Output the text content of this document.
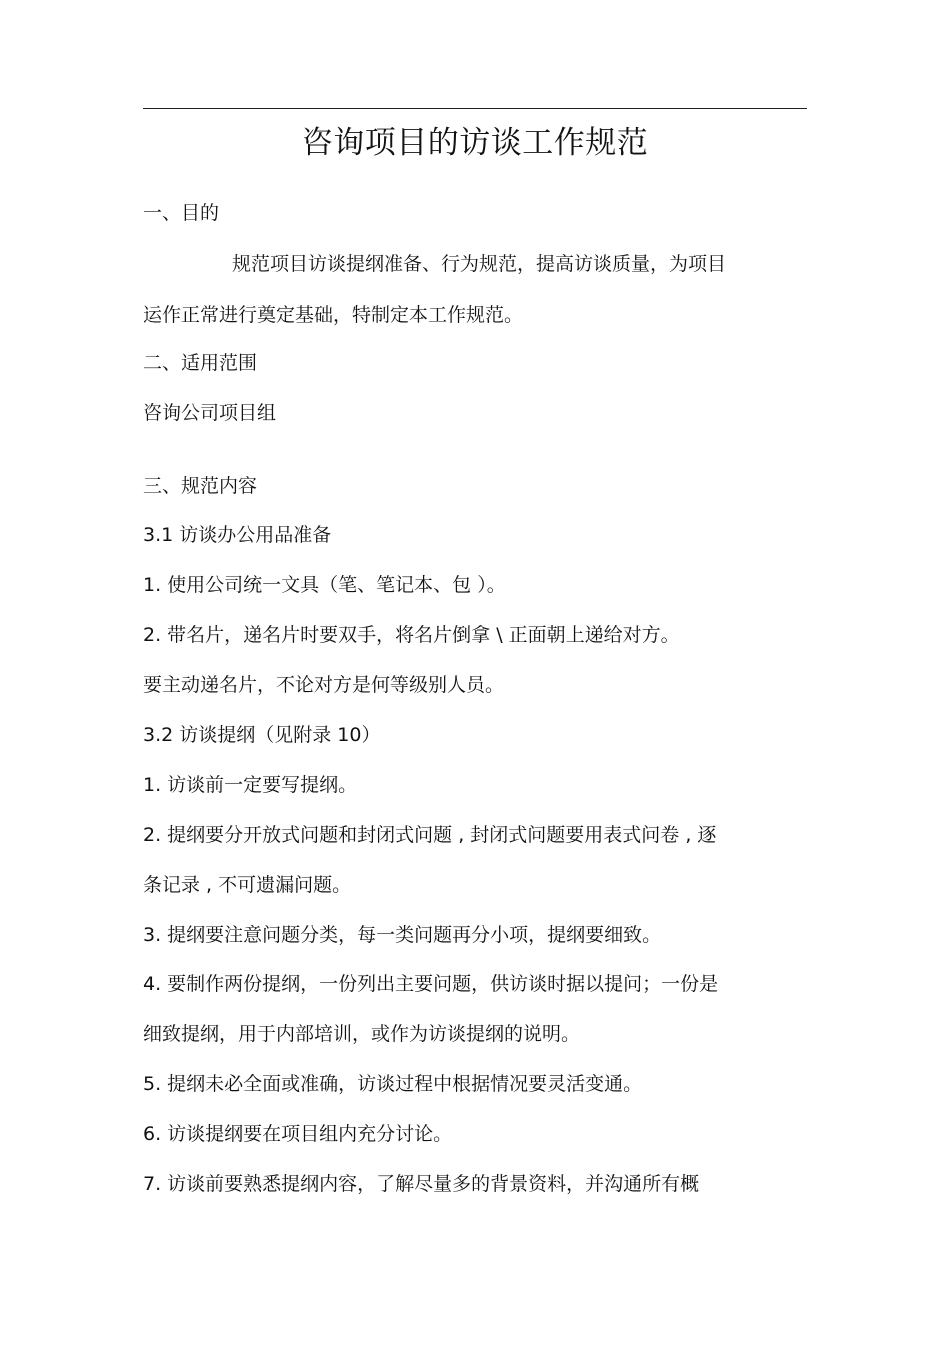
咨询项目的访谈工作规范
一、目的
规范项目访谈提纲准备、行为规范，提高访谈质量，为项目
运作正常进行奠定基础，特制定本工作规范。
二、适用范围
咨询公司项目组
三、规范内容
3.1 访谈办公用品准备
1. 使用公司统一文具（笔、笔记本、包 ）。
2. 带名片，递名片时要双手，将名片倒拿 \ 正面朝上递给对方。
要主动递名片，不论对方是何等级别人员。
3.2 访谈提纲（见附录 10）
1. 访谈前一定要写提纲。
2. 提纲要分开放式问题和封闭式问题 , 封闭式问题要用表式问卷 , 逐
条记录 , 不可遗漏问题。
3. 提纲要注意问题分类，每一类问题再分小项，提纲要细致。
4. 要制作两份提纲，一份列出主要问题，供访谈时据以提问；一份是
细致提纲，用于内部培训，或作为访谈提纲的说明。
5. 提纲未必全面或准确，访谈过程中根据情况要灵活变通。
6. 访谈提纲要在项目组内充分讨论。
7. 访谈前要熟悉提纲内容，了解尽量多的背景资料，并沟通所有概
